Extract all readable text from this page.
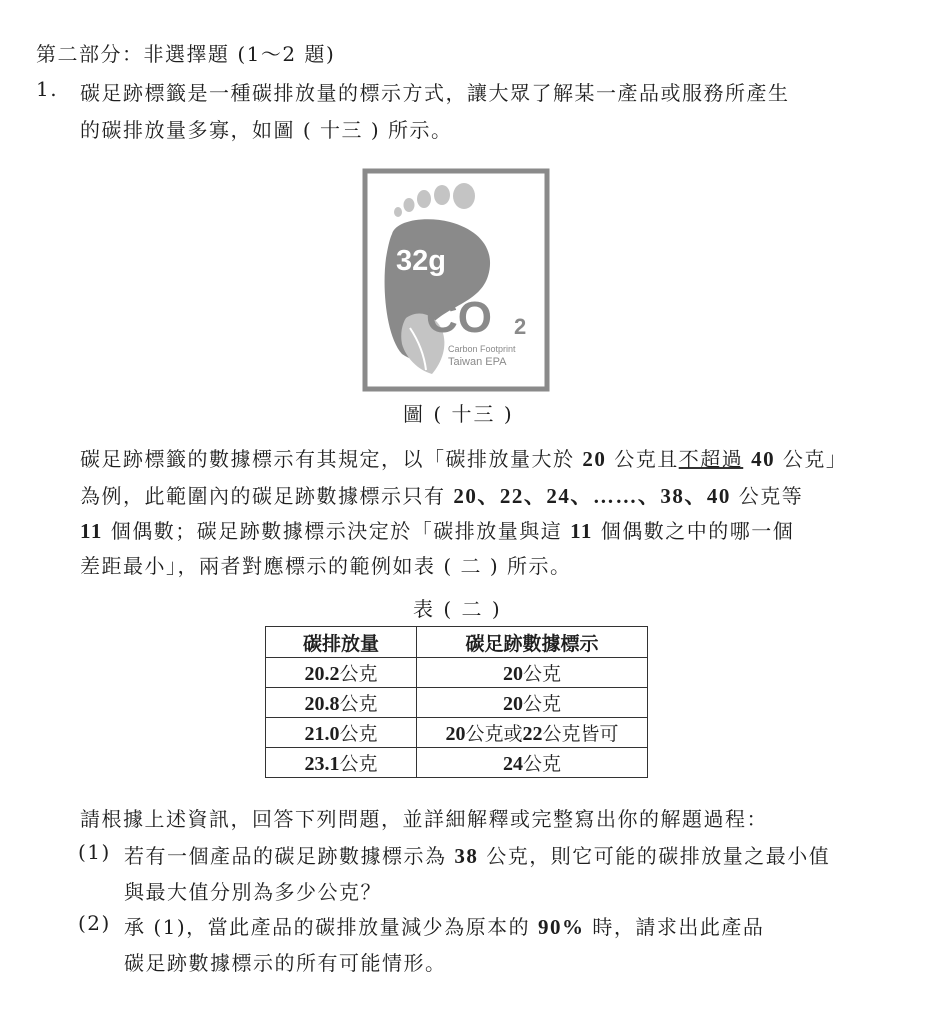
第二部分：非選擇題 (1～2 題)
1. 碳足跡標籤是一種碳排放量的標示方式，讓大眾了解某一產品或服務所產生
的碳排放量多寡，如圖 ( 十三 ) 所示。
32g
CO 2
Carbon Footprint
Taiwan EPA
圖 ( 十三 )
碳足跡標籤的數據標示有其規定，以「碳排放量大於 20 公克且不超過 40 公克」
為例，此範圍內的碳足跡數據標示只有 20、22、24、……、38、40 公克等
11 個偶數；碳足跡數據標示決定於「碳排放量與這 11 個偶數之中的哪一個
差距最小」，兩者對應標示的範例如表 ( 二 ) 所示。
表 ( 二 )
碳排放量	碳足跡數據標示
20.2公克	20公克
20.8公克	20公克
21.0公克	20公克或22公克皆可
23.1公克	24公克
請根據上述資訊，回答下列問題，並詳細解釋或完整寫出你的解題過程：
(1) 若有一個產品的碳足跡數據標示為 38 公克，則它可能的碳排放量之最小值
與最大值分別為多少公克？
(2) 承 (1)，當此產品的碳排放量減少為原本的 90% 時，請求出此產品
碳足跡數據標示的所有可能情形。
